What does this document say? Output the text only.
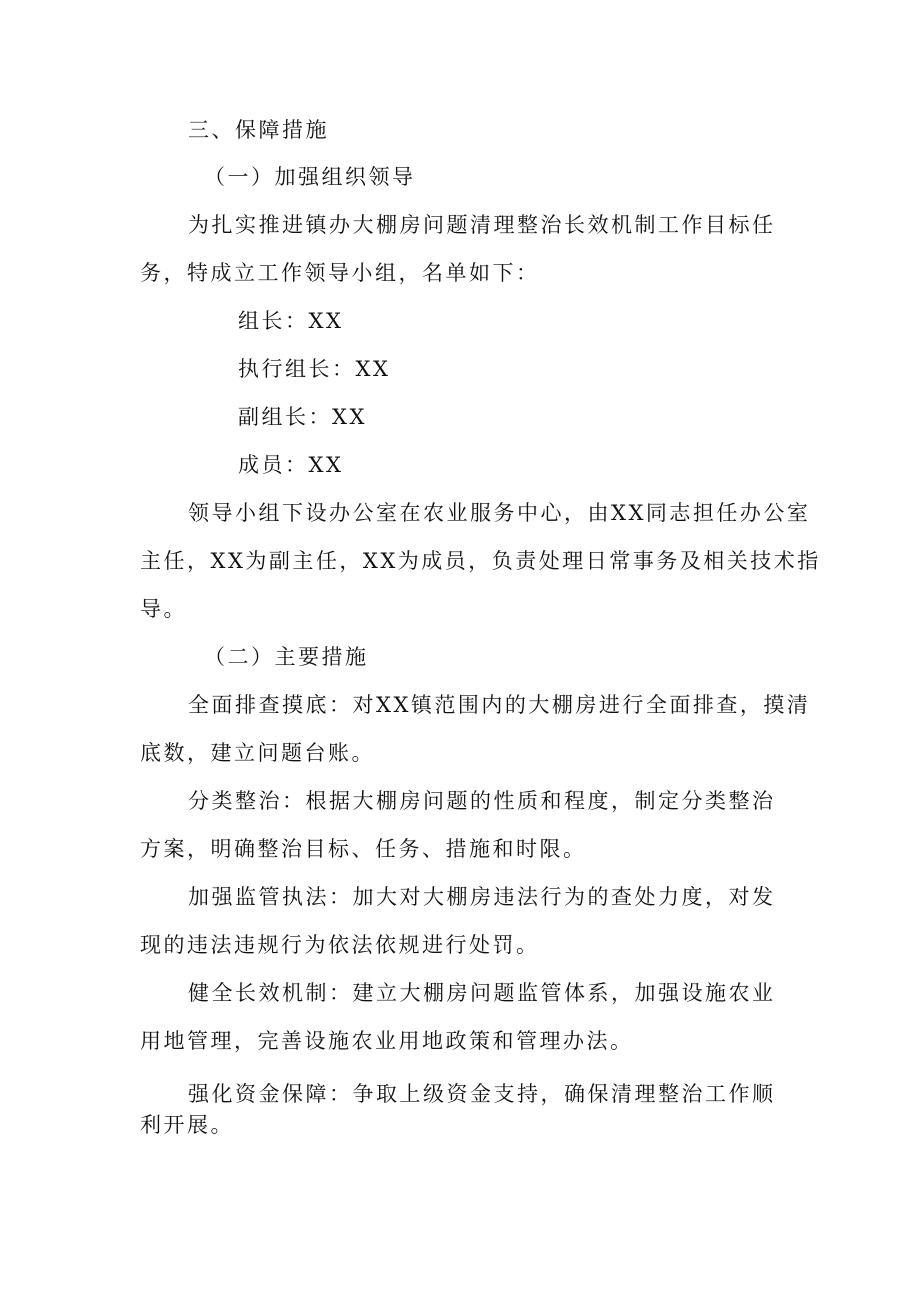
三、保障措施
（一）加强组织领导
为扎实推进镇办大棚房问题清理整治长效机制工作目标任
务，特成立工作领导小组，名单如下：
组长：XX
执行组长：XX
副组长：XX
成员：XX
领导小组下设办公室在农业服务中心，由XX同志担任办公室
主任，XX为副主任，XX为成员，负责处理日常事务及相关技术指
导。
（二）主要措施
全面排查摸底：对XX镇范围内的大棚房进行全面排查，摸清
底数，建立问题台账。
分类整治：根据大棚房问题的性质和程度，制定分类整治
方案，明确整治目标、任务、措施和时限。
加强监管执法：加大对大棚房违法行为的查处力度，对发
现的违法违规行为依法依规进行处罚。
健全长效机制：建立大棚房问题监管体系，加强设施农业
用地管理，完善设施农业用地政策和管理办法。
强化资金保障：争取上级资金支持，确保清理整治工作顺
利开展。
